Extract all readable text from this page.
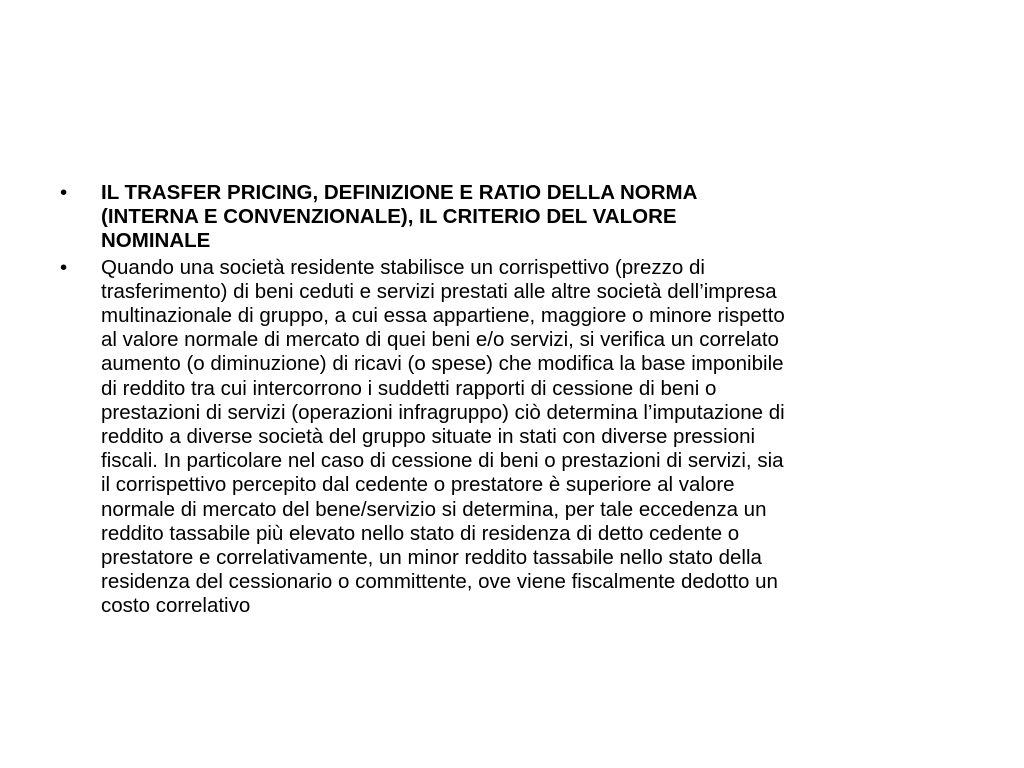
•	IL TRASFER PRICING, DEFINIZIONE E RATIO DELLA NORMA
(INTERNA E CONVENZIONALE), IL CRITERIO DEL VALORE
NOMINALE
•	Quando una società residente stabilisce un corrispettivo (prezzo di
trasferimento) di beni ceduti e servizi prestati alle altre società dell’impresa
multinazionale di gruppo, a cui essa appartiene, maggiore o minore rispetto
al valore normale di mercato di quei beni e/o servizi, si verifica un correlato
aumento (o diminuzione) di ricavi (o spese) che modifica la base imponibile
di reddito tra cui intercorrono i suddetti rapporti di cessione di beni o
prestazioni di servizi (operazioni infragruppo) ciò determina l’imputazione di
reddito a diverse società del gruppo situate in stati con diverse pressioni
fiscali. In particolare nel caso di cessione di beni o prestazioni di servizi, sia
il corrispettivo percepito dal cedente o prestatore è superiore al valore
normale di mercato del bene/servizio si determina, per tale eccedenza un
reddito tassabile più elevato nello stato di residenza di detto cedente o
prestatore e correlativamente, un minor reddito tassabile nello stato della
residenza del cessionario o committente, ove viene fiscalmente dedotto un
costo correlativo
